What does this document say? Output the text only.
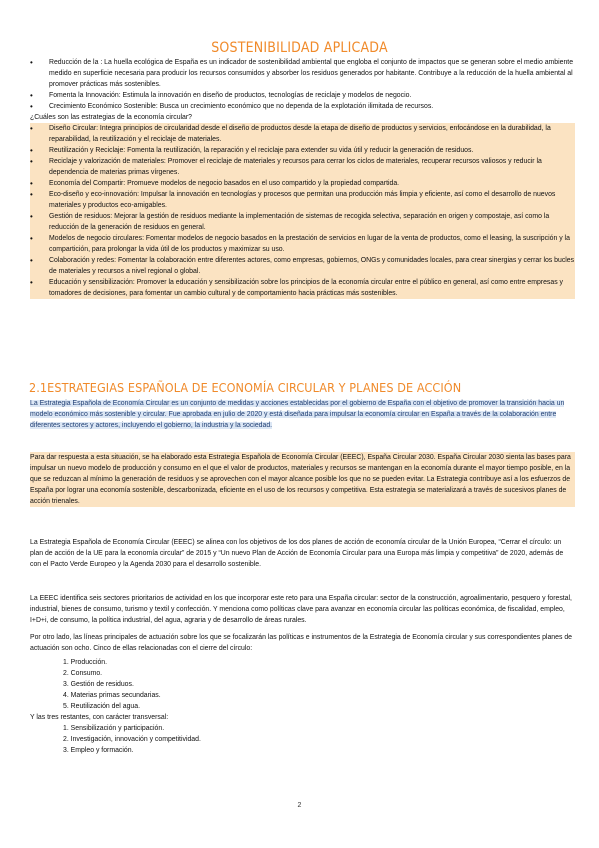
SOSTENIBILIDAD APLICADA
• Reducción de la : La huella ecológica de España es un indicador de sostenibilidad ambiental que engloba el conjunto de impactos que se generan sobre el medio ambiente medido en superficie necesaria para producir los recursos consumidos y absorber los residuos generados por habitante. Contribuye a la reducción de la huella ambiental al promover prácticas más sostenibles.
• Fomenta la Innovación: Estimula la innovación en diseño de productos, tecnologías de reciclaje y modelos de negocio.
• Crecimiento Económico Sostenible: Busca un crecimiento económico que no dependa de la explotación ilimitada de recursos.
¿Cuáles son las estrategias de la economía circular?
• Diseño Circular: Integra principios de circularidad desde el diseño de productos desde la etapa de diseño de productos y servicios, enfocándose en la durabilidad, la reparabilidad, la reutilización y el reciclaje de materiales.
• Reutilización y Reciclaje: Fomenta la reutilización, la reparación y el reciclaje para extender su vida útil y reducir la generación de residuos.
• Reciclaje y valorización de materiales: Promover el reciclaje de materiales y recursos para cerrar los ciclos de materiales, recuperar recursos valiosos y reducir la dependencia de materias primas vírgenes.
• Economía del Compartir: Promueve modelos de negocio basados en el uso compartido y la propiedad compartida.
• Eco-diseño y eco-innovación: Impulsar la innovación en tecnologías y procesos que permitan una producción más limpia y eficiente, así como el desarrollo de nuevos materiales y productos eco-amigables.
• Gestión de residuos: Mejorar la gestión de residuos mediante la implementación de sistemas de recogida selectiva, separación en origen y compostaje, así como la reducción de la generación de residuos en general.
• Modelos de negocio circulares: Fomentar modelos de negocio basados en la prestación de servicios en lugar de la venta de productos, como el leasing, la suscripción y la compartición, para prolongar la vida útil de los productos y maximizar su uso.
• Colaboración y redes: Fomentar la colaboración entre diferentes actores, como empresas, gobiernos, ONGs y comunidades locales, para crear sinergias y cerrar los bucles de materiales y recursos a nivel regional o global.
• Educación y sensibilización: Promover la educación y sensibilización sobre los principios de la economía circular entre el público en general, así como entre empresas y tomadores de decisiones, para fomentar un cambio cultural y de comportamiento hacia prácticas más sostenibles.
2.1ESTRATEGIAS ESPAÑOLA DE ECONOMÍA CIRCULAR Y PLANES DE ACCIÓN
La Estrategia Española de Economía Circular es un conjunto de medidas y acciones establecidas por el gobierno de España con el objetivo de promover la transición hacia un modelo económico más sostenible y circular. Fue aprobada en julio de 2020 y está diseñada para impulsar la economía circular en España a través de la colaboración entre diferentes sectores y actores, incluyendo el gobierno, la industria y la sociedad.
Para dar respuesta a esta situación, se ha elaborado esta Estrategia Española de Economía Circular (EEEC), España Circular 2030. España Circular 2030 sienta las bases para impulsar un nuevo modelo de producción y consumo en el que el valor de productos, materiales y recursos se mantengan en la economía durante el mayor tiempo posible, en la que se reduzcan al mínimo la generación de residuos y se aprovechen con el mayor alcance posible los que no se pueden evitar. La Estrategia contribuye así a los esfuerzos de España por lograr una economía sostenible, descarbonizada, eficiente en el uso de los recursos y competitiva. Esta estrategia se materializará a través de sucesivos planes de acción trienales.
La Estrategia Española de Economía Circular (EEEC) se alinea con los objetivos de los dos planes de acción de economía circular de la Unión Europea, “Cerrar el círculo: un plan de acción de la UE para la economía circular” de 2015 y “Un nuevo Plan de Acción de Economía Circular para una Europa más limpia y competitiva” de 2020, además de con el Pacto Verde Europeo y la Agenda 2030 para el desarrollo sostenible.
La EEEC identifica seis sectores prioritarios de actividad en los que incorporar este reto para una España circular: sector de la construcción, agroalimentario, pesquero y forestal, industrial, bienes de consumo, turismo y textil y confección. Y menciona como políticas clave para avanzar en economía circular las políticas económica, de fiscalidad, empleo, I+D+i, de consumo, la política industrial, del agua, agraria y de desarrollo de áreas rurales.
Por otro lado, las líneas principales de actuación sobre los que se focalizarán las políticas e instrumentos de la Estrategia de Economía circular y sus correspondientes planes de actuación son ocho. Cinco de ellas relacionadas con el cierre del círculo:
1. Producción.
2. Consumo.
3. Gestión de residuos.
4. Materias primas secundarias.
5. Reutilización del agua.
Y las tres restantes, con carácter transversal:
1. Sensibilización y participación.
2. Investigación, innovación y competitividad.
3. Empleo y formación.
2
